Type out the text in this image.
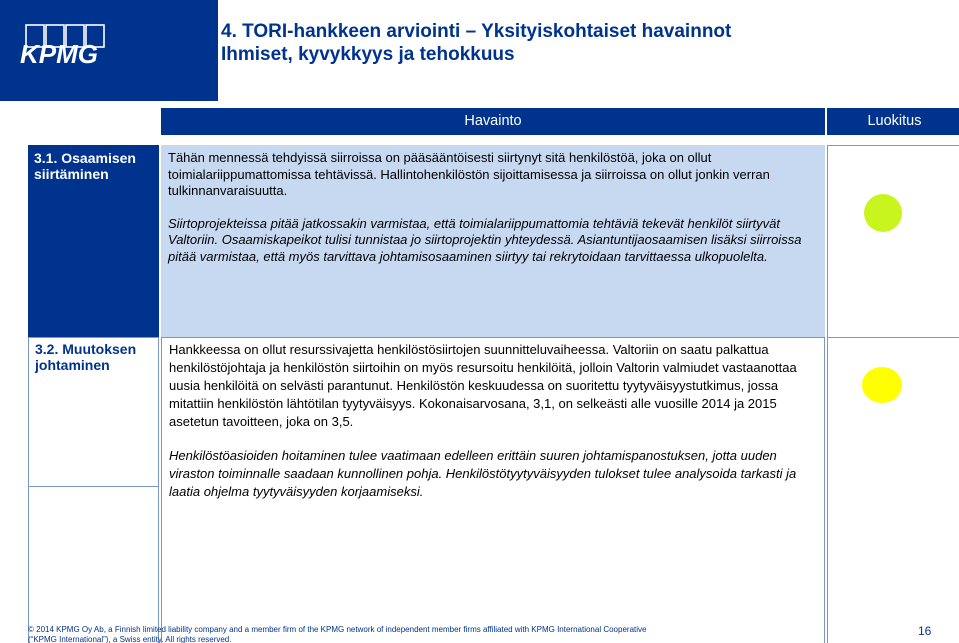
KPMG
4. TORI-hankkeen arviointi – Yksityiskohtaiset havainnot
Ihmiset, kyvykkyys ja tehokkuus
Havainto	Luokitus
3.1. Osaamisen
siirtäminen
Tähän mennessä tehdyissä siirroissa on pääsääntöisesti siirtynyt sitä henkilöstöä, joka on ollut toimialariippumattomissa tehtävissä. Hallintohenkilöstön sijoittamisessa ja siirroissa on ollut jonkin verran tulkinnanvaraisuutta.
Siirtoprojekteissa pitää jatkossakin varmistaa, että toimialariippumattomia tehtäviä tekevät henkilöt siirtyvät Valtoriin. Osaamiskapeikot tulisi tunnistaa jo siirtoprojektin yhteydessä. Asiantuntijaosaamisen lisäksi siirroissa pitää varmistaa, että myös tarvittava johtamisosaaminen siirtyy tai rekrytoidaan tarvittaessa ulkopuolelta.
3.2. Muutoksen
johtaminen
Hankkeessa on ollut resurssivajetta henkilöstösiirtojen suunnitteluvaiheessa. Valtoriin on saatu palkattua henkilöstöjohtaja ja henkilöstön siirtoihin on myös resursoitu henkilöitä, jolloin Valtorin valmiudet vastaanottaa uusia henkilöitä on selvästi parantunut. Henkilöstön keskuudessa on suoritettu tyytyväisyystutkimus, jossa mitattiin henkilöstön lähtötilan tyytyväisyys. Kokonaisarvosana, 3,1, on selkeästi alle vuosille 2014 ja 2015 asetetun tavoitteen, joka on 3,5.
Henkilöstöasioiden hoitaminen tulee vaatimaan edelleen erittäin suuren johtamispanostuksen, jotta uuden viraston toiminnalle saadaan kunnollinen pohja. Henkilöstötyytyväisyyden tulokset tulee analysoida tarkasti ja laatia ohjelma tyytyväisyyden korjaamiseksi.
© 2014 KPMG Oy Ab, a Finnish limited liability company and a member firm of the KPMG network of independent member firms affiliated with KPMG International Cooperative
(“KPMG International”), a Swiss entity. All rights reserved.
16
